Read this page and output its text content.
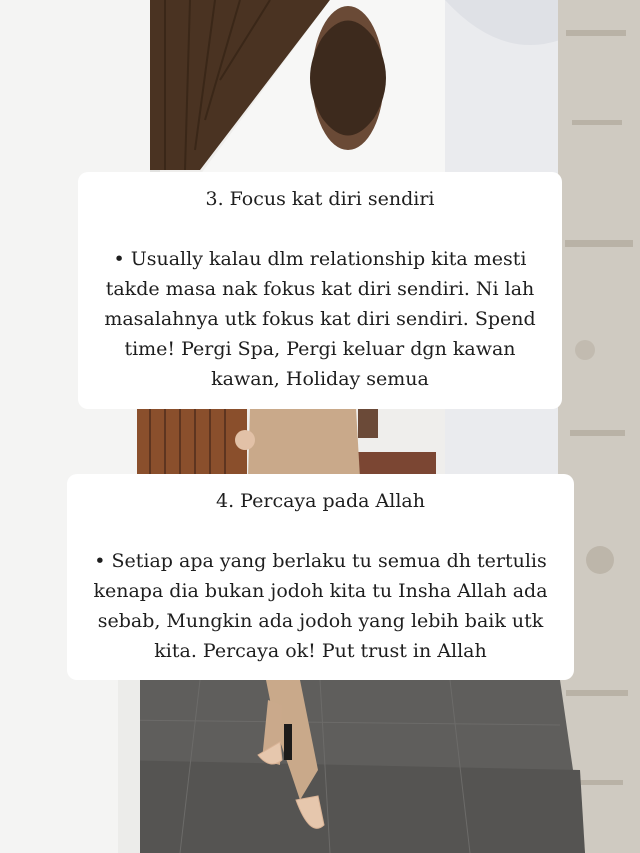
3. Focus kat diri sendiri

• Usually kalau dlm relationship kita mesti takde masa nak fokus kat diri sendiri. Ni lah masalahnya utk fokus kat diri sendiri. Spend time! Pergi Spa, Pergi keluar dgn kawan kawan, Holiday semua

4. Percaya pada Allah

• Setiap apa yang berlaku tu semua dh tertulis kenapa dia bukan jodoh kita tu Insha Allah ada sebab, Mungkin ada jodoh yang lebih baik utk kita. Percaya ok! Put trust in Allah
